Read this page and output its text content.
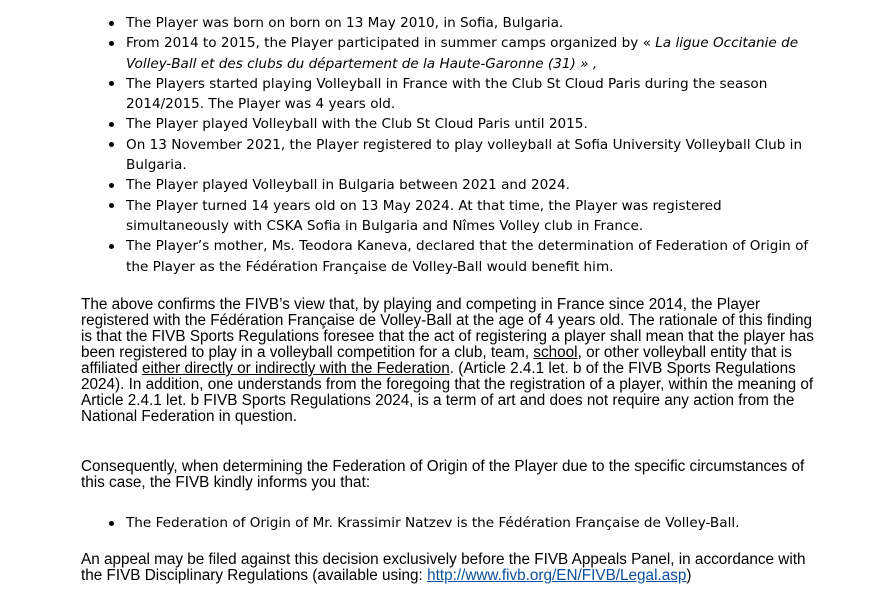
The Player was born on born on 13 May 2010, in Sofia, Bulgaria.
From 2014 to 2015, the Player participated in summer camps organized by « La ligue Occitanie de Volley-Ball et des clubs du département de la Haute-Garonne (31) » ,
The Players started playing Volleyball in France with the Club St Cloud Paris during the season 2014/2015. The Player was 4 years old.
The Player played Volleyball with the Club St Cloud Paris until 2015.
On 13 November 2021, the Player registered to play volleyball at Sofia University Volleyball Club in Bulgaria.
The Player played Volleyball in Bulgaria between 2021 and 2024.
The Player turned 14 years old on 13 May 2024. At that time, the Player was registered simultaneously with CSKA Sofia in Bulgaria and Nîmes Volley club in France.
The Player’s mother, Ms. Teodora Kaneva, declared that the determination of Federation of Origin of the Player as the Fédération Française de Volley-Ball would benefit him.

The above confirms the FIVB’s view that, by playing and competing in France since 2014, the Player registered with the Fédération Française de Volley-Ball at the age of 4 years old. The rationale of this finding is that the FIVB Sports Regulations foresee that the act of registering a player shall mean that the player has been registered to play in a volleyball competition for a club, team, school, or other volleyball entity that is affiliated either directly or indirectly with the Federation. (Article 2.4.1 let. b of the FIVB Sports Regulations 2024). In addition, one understands from the foregoing that the registration of a player, within the meaning of Article 2.4.1 let. b FIVB Sports Regulations 2024, is a term of art and does not require any action from the National Federation in question.

Consequently, when determining the Federation of Origin of the Player due to the specific circumstances of this case, the FIVB kindly informs you that:

The Federation of Origin of Mr. Krassimir Natzev is the Fédération Française de Volley-Ball.

An appeal may be filed against this decision exclusively before the FIVB Appeals Panel, in accordance with the FIVB Disciplinary Regulations (available using: http://www.fivb.org/EN/FIVB/Legal.asp)
